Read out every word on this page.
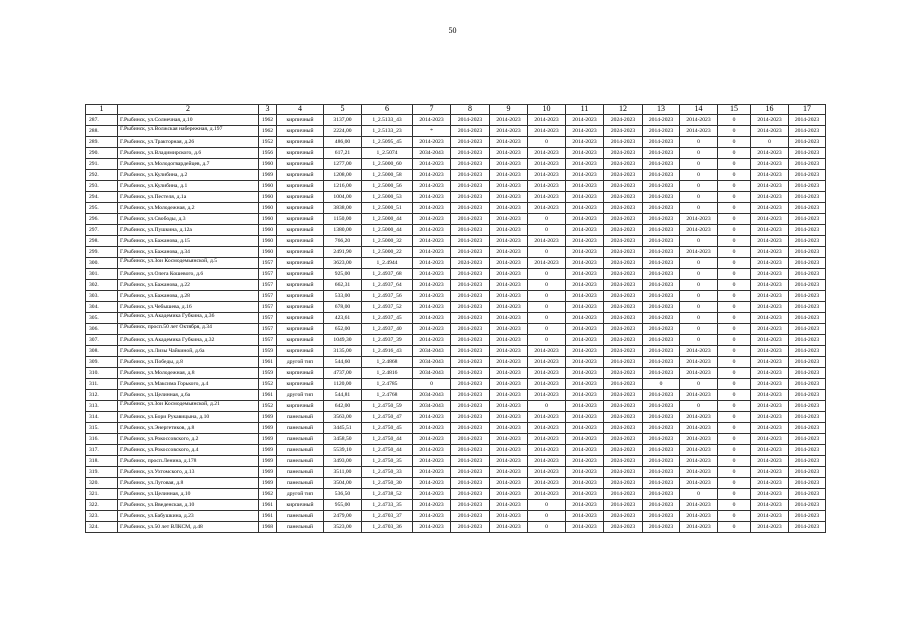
50
1	2	3	4	5	6	7	8	9	10	11	12	13	14	15	16	17
287.	Г.Рыбинск, ул.Солнечная, д.10	1962	кирпичный	3137,00	1_2.5133_43	2014-2023	2014-2023	2014-2023	2014-2023	2014-2023	2024-2023	2014-2023	2014-2023	0	2014-2023	2014-2023
288.	Г.Рыбинск, ул.Волжская набережная, д.197	1962	кирпичный	2224,00	1_2.5133_23	*	2014-2023	2014-2023	2014-2023	2014-2023	2024-2023	2014-2023	2014-2023	0	2014-2023	2014-2023
289.	Г.Рыбинск, ул.Тракторная, д.26	1952	кирпичный	486,00	1_2.5095_45	2014-2023	2014-2023	2014-2023	0	2014-2023	2014-2023	2014-2023	0	0	0	2014-2023
290.	Г.Рыбинск, ул.Владимирского, д.6	1956	кирпичный	617,21	1_2.5074	2034-2043	2014-2023	2014-2023	2014-2023	2014-2023	2024-2023	2014-2023	0	0	2014-2023	2014-2023
291.	Г.Рыбинск, ул.Молодогвардейцев, д.7	1960	кирпичный	1277,00	1_2.5000_60	2014-2023	2014-2023	2014-2023	2014-2023	2014-2023	2024-2023	2014-2023	0	0	2014-2023	2014-2023
292.	Г.Рыбинск, ул.Кулибина, д.2	1969	кирпичный	1208,00	1_2.5000_58	2014-2023	2014-2023	2014-2023	2014-2023	2014-2023	2024-2023	2014-2023	0	0	2014-2023	2014-2023
293.	Г.Рыбинск, ул.Кулибина, д.1	1960	кирпичный	1216,00	1_2.5000_56	2014-2023	2014-2023	2014-2023	2014-2023	2014-2023	2024-2023	2014-2023	0	0	2014-2023	2014-2023
294.	Г.Рыбинск, ул.Пестеля, д.1а	1960	кирпичный	1004,00	1_2.5000_53	2014-2023	2014-2023	2014-2023	2014-2023	2014-2023	2024-2023	2014-2023	0	0	2014-2023	2014-2023
295.	Г.Рыбинск, ул.Молодежная, д.2	1960	кирпичный	3838,00	1_2.5000_51	2014-2023	2014-2023	2014-2023	2014-2023	2014-2023	2024-2023	2014-2023	0	0	2014-2023	2014-2023
296.	Г.Рыбинск, ул.Свободы, д.3	1960	кирпичный	1150,00	1_2.5000_44	2014-2023	2014-2023	2014-2023	0	2014-2023	2024-2023	2014-2023	2014-2023	0	2014-2023	2014-2023
297.	Г.Рыбинск, ул.Пушкина, д.12а	1960	кирпичный	1380,00	1_2.5000_44	2014-2023	2014-2023	2014-2023	0	2014-2023	2024-2023	2014-2023	2014-2023	0	2014-2023	2014-2023
298.	Г.Рыбинск, ул.Бажанова, д.15	1960	кирпичный	766,20	1_2.5000_32	2014-2023	2014-2023	2014-2023	2014-2023	2014-2023	2024-2023	2014-2023	0	0	2014-2023	2014-2023
299.	Г.Рыбинск, ул.Бажанова, д.34	1960	кирпичный	2491,90	1_2.5000_22	2014-2023	2014-2023	2014-2023	0	2014-2023	2024-2023	2014-2023	2014-2023	0	2014-2023	2014-2023
300.	Г.Рыбинск, ул.Зои Космодемьянской, д.5	1957	кирпичный	3623,00	1_2.4944	2014-2023	2024-2023	2014-2023	2014-2023	2014-2023	2024-2023	2014-2023	0	0	2014-2023	2014-2023
301.	Г.Рыбинск, ул.Олега Кошевого, д.6	1957	кирпичный	925,00	1_2.4937_68	2014-2023	2014-2023	2014-2023	0	2014-2023	2024-2023	2014-2023	0	0	2014-2023	2014-2023
302.	Г.Рыбинск, ул.Бажанова, д.22	1957	кирпичный	662,31	1_2.4937_64	2014-2023	2014-2023	2014-2023	0	2014-2023	2024-2023	2014-2023	0	0	2014-2023	2014-2023
303.	Г.Рыбинск, ул.Бажанова, д.28	1957	кирпичный	533,00	1_2.4937_56	2014-2023	2014-2023	2014-2023	0	2014-2023	2024-2023	2014-2023	0	0	2014-2023	2014-2023
304.	Г.Рыбинск, ул.Чебышева, д.16	1957	кирпичный	678,00	1_2.4937_52	2014-2023	2014-2023	2014-2023	0	2014-2023	2024-2023	2014-2023	0	0	2014-2023	2014-2023
305.	Г.Рыбинск, ул.Академика Губкина, д.36	1957	кирпичный	423,61	1_2.4937_45	2014-2023	2014-2023	2014-2023	0	2014-2023	2024-2023	2014-2023	0	0	2014-2023	2014-2023
306.	Г.Рыбинск, просп.50 лет Октября, д.34	1957	кирпичный	652,00	1_2.4937_40	2014-2023	2014-2023	2014-2023	0	2014-2023	2024-2023	2014-2023	0	0	2014-2023	2014-2023
307.	Г.Рыбинск, ул.Академика Губкина, д.32	1957	кирпичный	1049,30	1_2.4937_39	2014-2023	2014-2023	2014-2023	0	2014-2023	2024-2023	2014-2023	0	0	2014-2023	2014-2023
308.	Г.Рыбинск, ул.Лизы Чайкиной, д.6а	1959	кирпичный	3135,00	1_2.4916_43	2034-2043	2014-2023	2014-2023	2014-2023	2014-2023	2024-2023	2014-2023	2014-2023	0	2014-2023	2014-2023
309.	Г.Рыбинск, ул.Победы, д.8	1961	другой тип	544,60	1_2.4868	2034-2043	2014-2023	2014-2023	2014-2023	2014-2023	2014-2023	2014-2023	2014-2023	0	2014-2023	2014-2023
310.	Г.Рыбинск, ул.Молодежная, д.8	1959	кирпичный	4737,00	1_2.4816	2034-2043	2014-2023	2014-2023	2014-2023	2014-2023	2024-2023	2014-2023	2014-2023	0	2014-2023	2014-2023
311.	Г.Рыбинск, ул.Максима Горького, д.4	1952	кирпичный	1120,00	1_2.4785	0	2014-2023	2014-2023	2014-2023	2014-2023	2014-2023	0	0	0	2014-2023	2014-2023
312.	Г.Рыбинск, ул.Целинная, д.6а	1961	другой тип	544,81	1_2.4768	2034-2043	2014-2023	2014-2023	2014-2023	2014-2023	2024-2023	2014-2023	2014-2023	0	2014-2023	2014-2023
313.	Г.Рыбинск, ул.Зои Космодемьянской, д.21	1952	кирпичный	642,00	1_2.4750_59	2034-2043	2014-2023	2014-2023	0	2014-2023	2024-2023	2014-2023	0	0	2014-2023	2014-2023
314.	Г.Рыбинск, ул.Бори Рукавицына, д.10	1969	панельный	3563,00	1_2.4750_47	2014-2023	2014-2023	2014-2023	2014-2023	2014-2023	2024-2023	2014-2023	2014-2023	0	2014-2023	2014-2023
315.	Г.Рыбинск, ул.Энергетиков, д.8	1969	панельный	3445,51	1_2.4750_45	2014-2023	2014-2023	2014-2023	2014-2023	2014-2023	2024-2023	2014-2023	2014-2023	0	2014-2023	2014-2023
316.	Г.Рыбинск, ул.Рокоссовского, д.2	1969	панельный	3458,50	1_2.4750_44	2014-2023	2014-2023	2014-2023	2014-2023	2014-2023	2024-2023	2014-2023	2014-2023	0	2014-2023	2014-2023
317.	Г.Рыбинск, ул.Рокоссовского, д.4	1969	панельный	5539,10	1_2.4750_44	2014-2023	2014-2023	2014-2023	2014-2023	2014-2023	2024-2023	2014-2023	2014-2023	0	2014-2023	2014-2023
318.	Г.Рыбинск, просп.Ленина, д.178	1969	панельный	3493,00	1_2.4750_35	2014-2023	2014-2023	2014-2023	2014-2023	2014-2023	2024-2023	2014-2023	2014-2023	0	2014-2023	2014-2023
319.	Г.Рыбинск, ул.Ухтомского, д.13	1969	панельный	3511,00	1_2.4750_33	2014-2023	2014-2023	2014-2023	2014-2023	2014-2023	2024-2023	2014-2023	2014-2023	0	2014-2023	2014-2023
320.	Г.Рыбинск, ул.Луговая, д.8	1969	панельный	3504,00	1_2.4750_30	2014-2023	2014-2023	2014-2023	2014-2023	2014-2023	2024-2023	2014-2023	2014-2023	0	2014-2023	2014-2023
321.	Г.Рыбинск, ул.Целинная, д.10	1962	другой тип	536,50	1_2.4738_52	2014-2023	2014-2023	2014-2023	2014-2023	2014-2023	2014-2023	2014-2023	0	0	2014-2023	2014-2023
322.	Г.Рыбинск, ул.Введенская, д.10	1961	кирпичный	955,00	1_2.4733_35	2014-2023	2014-2023	2014-2023	0	2014-2023	2014-2023	2014-2023	2014-2023	0	2014-2023	2014-2023
323.	Г.Рыбинск, ул.Бабушкина, д.23	1961	панельный	2479,00	1_2.4703_37	2014-2023	2014-2023	2014-2023	0	2014-2023	2024-2023	2014-2023	2014-2023	0	2014-2023	2014-2023
324.	Г.Рыбинск, ул.50 лет ВЛКСМ, д.48	1968	панельный	3523,00	1_2.4703_36	2014-2023	2014-2023	2014-2023	0	2014-2023	2024-2023	2014-2023	2014-2023	0	2014-2023	2014-2023
